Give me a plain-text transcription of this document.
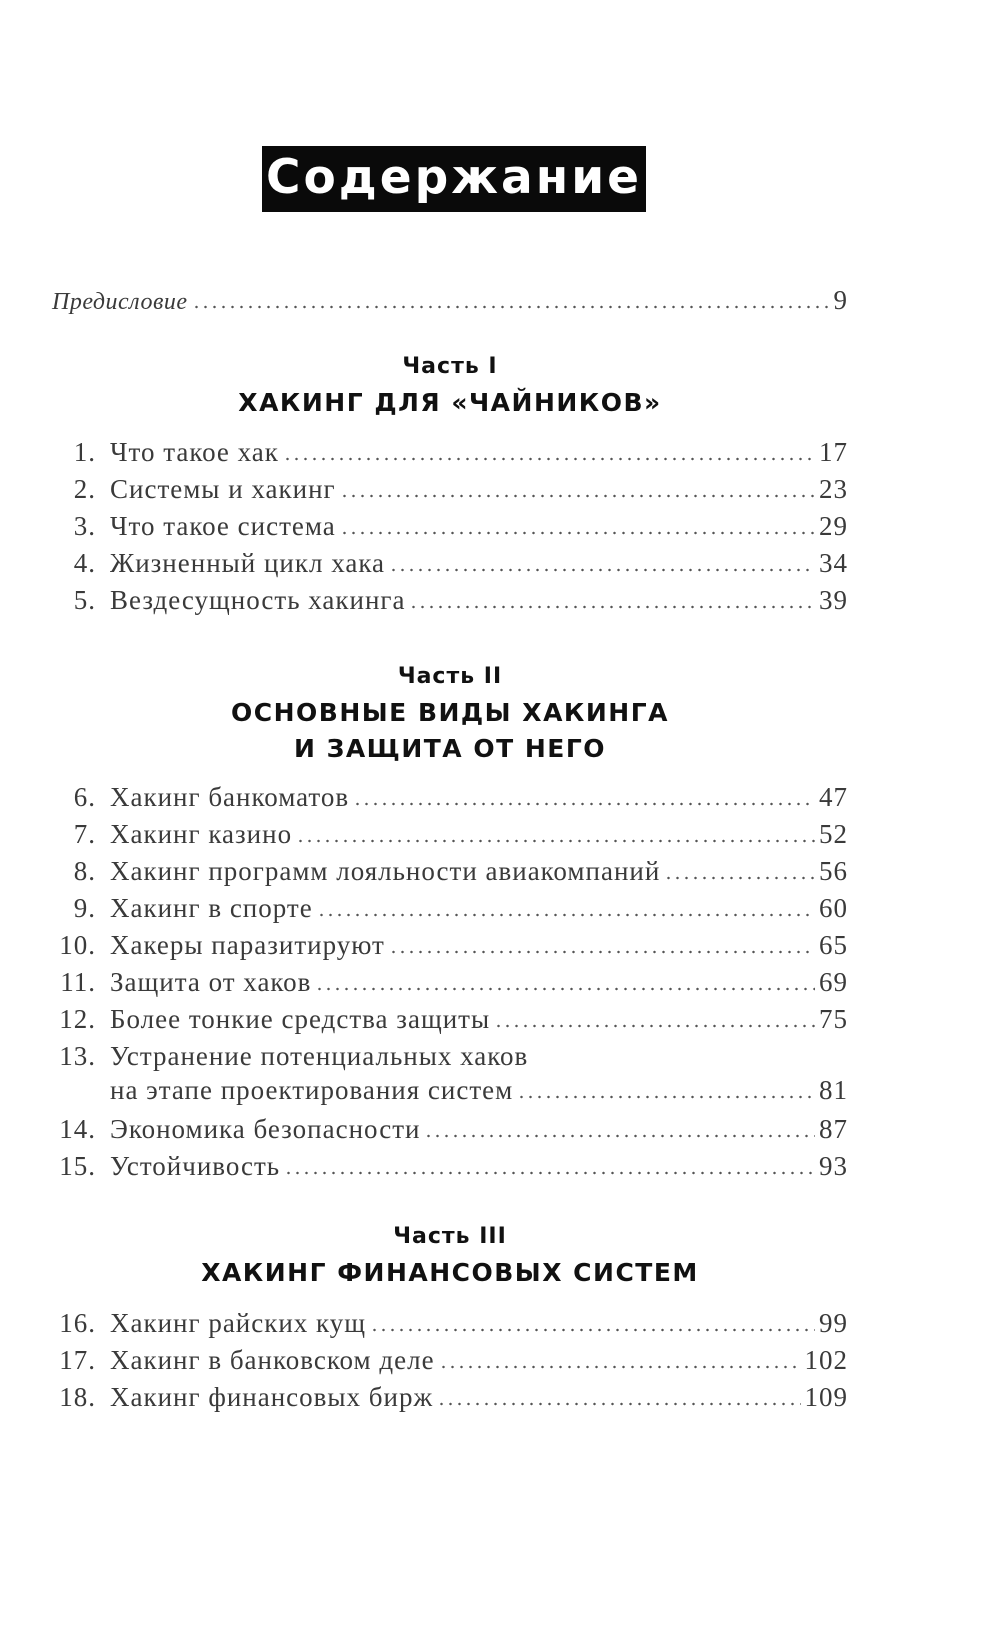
Содержание
Предисловие	9
1. Что такое хак	17
2. Системы и хакинг	23
3. Что такое система	29
4. Жизненный цикл хака	34
5. Вездесущность хакинга	39
6. Хакинг банкоматов	47
7. Хакинг казино	52
8. Хакинг программ лояльности авиакомпаний	56
9. Хакинг в спорте	60
10. Хакеры паразитируют	65
11. Защита от хаков	69
12. Более тонкие средства защиты	75
13. Устранение потенциальных хаков
на этапе проектирования систем	81
14. Экономика безопасности	87
15. Устойчивость	93
16. Хакинг райских кущ	99
17. Хакинг в банковском деле	102
18. Хакинг финансовых бирж	109
Часть I
ХАКИНГ ДЛЯ «ЧАЙНИКОВ»
Часть II
ОСНОВНЫЕ ВИДЫ ХАКИНГА
И ЗАЩИТА ОТ НЕГО
Часть III
ХАКИНГ ФИНАНСОВЫХ СИСТЕМ
